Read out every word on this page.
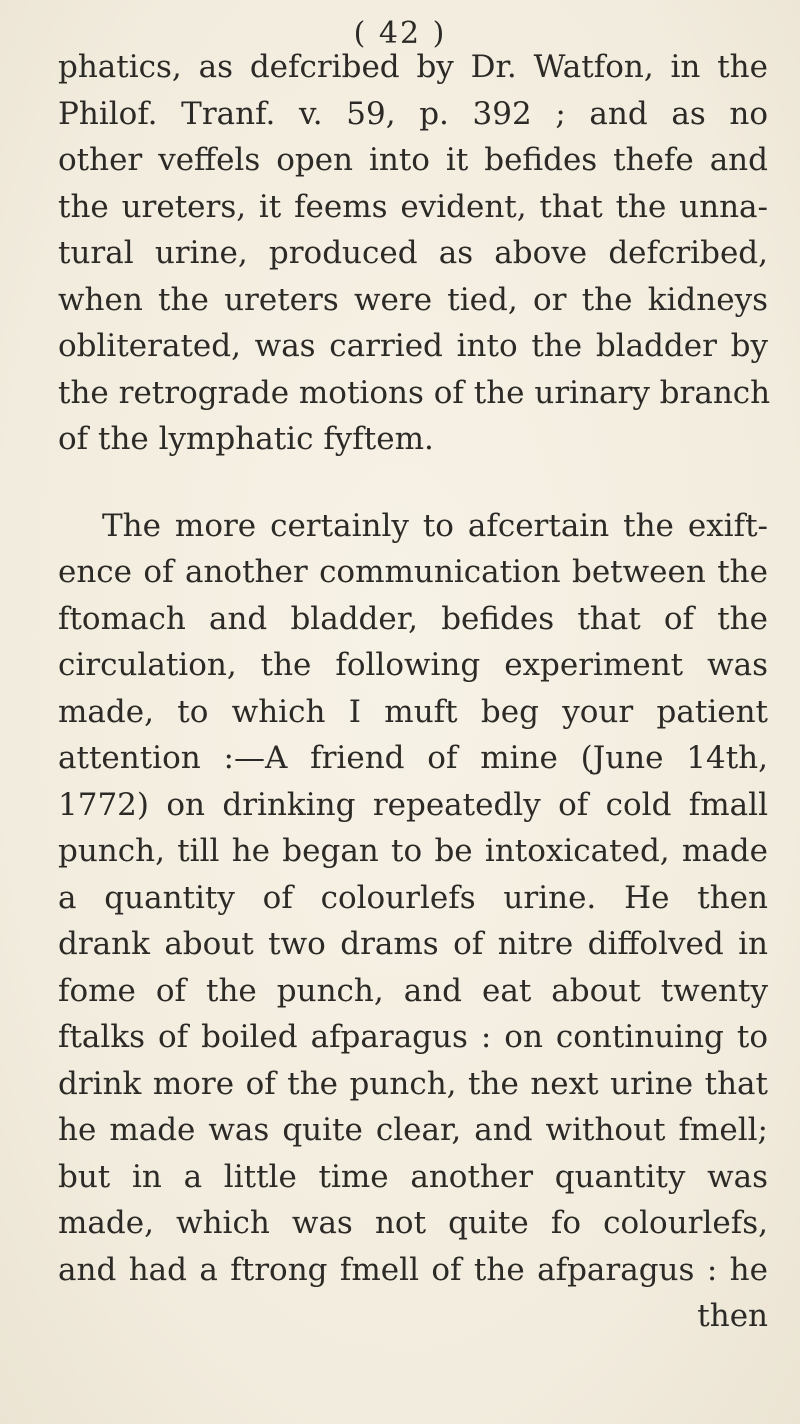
( 42 )
phatics, as defcribed by Dr. Watfon, in the
Philof. Tranf. v. 59, p. 392 ; and as no
other veffels open into it befides thefe and
the ureters, it feems evident, that the unna-
tural urine, produced as above defcribed,
when the ureters were tied, or the kidneys
obliterated, was carried into the bladder by
the retrograde motions of the urinary branch
of the lymphatic fyftem.
The more certainly to afcertain the exift-
ence of another communication between the
ftomach and bladder, befides that of the
circulation, the following experiment was
made, to which I muft beg your patient
attention :—A friend of mine (June 14th,
1772) on drinking repeatedly of cold fmall
punch, till he began to be intoxicated, made
a quantity of colourlefs urine. He then
drank about two drams of nitre diffolved in
fome of the punch, and eat about twenty
ftalks of boiled afparagus : on continuing to
drink more of the punch, the next urine that
he made was quite clear, and without fmell;
but in a little time another quantity was
made, which was not quite fo colourlefs,
and had a ftrong fmell of the afparagus : he
then
